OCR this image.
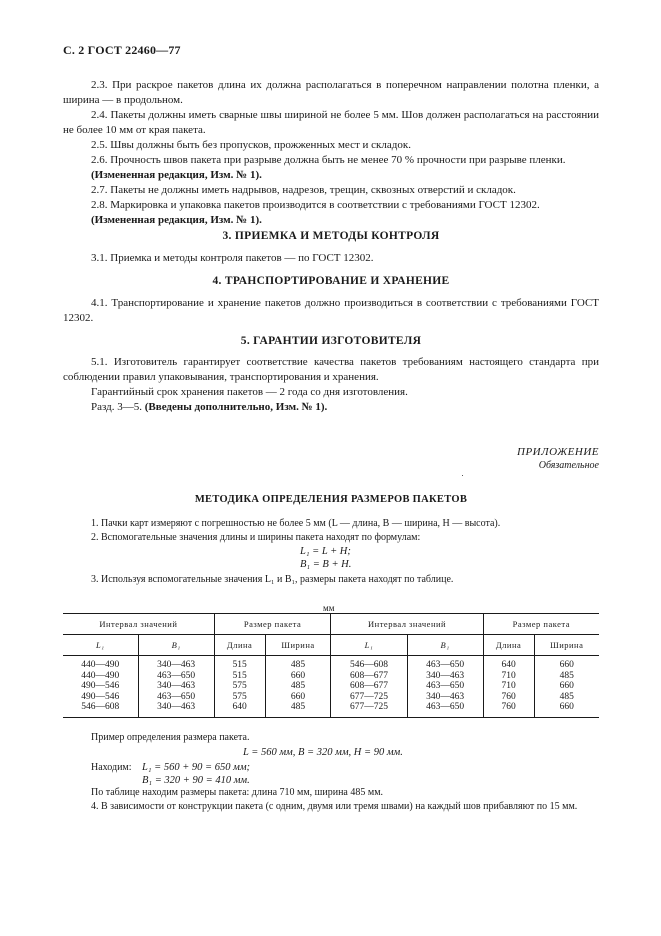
С. 2 ГОСТ 22460—77

2.3. При раскрое пакетов длина их должна располагаться в поперечном направлении полотна пленки, а ширина — в продольном.

2.4. Пакеты должны иметь сварные швы шириной не более 5 мм. Шов должен располагаться на расстоянии не более 10 мм от края пакета.

2.5. Швы должны быть без пропусков, прожженных мест и складок.

2.6. Прочность швов пакета при разрыве должна быть не менее 70 % прочности при разрыве пленки.

(Измененная редакция, Изм. № 1).

2.7. Пакеты не должны иметь надрывов, надрезов, трещин, сквозных отверстий и складок.

2.8. Маркировка и упаковка пакетов производится в соответствии с требованиями ГОСТ 12302.

(Измененная редакция, Изм. № 1).

3. ПРИЕМКА И МЕТОДЫ КОНТРОЛЯ

3.1. Приемка и методы контроля пакетов — по ГОСТ 12302.

4. ТРАНСПОРТИРОВАНИЕ И ХРАНЕНИЕ

4.1. Транспортирование и хранение пакетов должно производиться в соответствии с требованиями ГОСТ 12302.

5. ГАРАНТИИ ИЗГОТОВИТЕЛЯ

5.1. Изготовитель гарантирует соответствие качества пакетов требованиям настоящего стандарта при соблюдении правил упаковывания, транспортирования и хранения.

Гарантийный срок хранения пакетов — 2 года со дня изготовления.

Разд. 3—5. (Введены дополнительно, Изм. № 1).

ПРИЛОЖЕНИЕ
Обязательное
МЕТОДИКА ОПРЕДЕЛЕНИЯ РАЗМЕРОВ ПАКЕТОВ

1. Пачки карт измеряют с погрешностью не более 5 мм (L — длина, B — ширина, H — высота).

2. Вспомогательные значения длины и ширины пакета находят по формулам:

L₁ = L + H;
B₁ = B + H.

3. Используя вспомогательные значения L₁ и B₁, размеры пакета находят по таблице.

мм
Интервал значений		Размер пакета		Интервал значений		Размер пакета	
L₁	B₁	Длина	Ширина	L₁	B₁	Длина	Ширина
440—490	340—463	515	485	546—608	463—650	640	660
440—490	463—650	515	660	608—677	340—463	710	485
490—546	340—463	575	485	608—677	463—650	710	660
490—546	463—650	575	660	677—725	340—463	760	485
546—608	340—463	640	485	677—725	463—650	760	660

Пример определения размера пакета.

L = 560 мм, B = 320 мм, H = 90 мм.
Находим: L₁ = 560 + 90 = 650 мм;
B₁ = 320 + 90 = 410 мм.

По таблице находим размеры пакета: длина 710 мм, ширина 485 мм.

4. В зависимости от конструкции пакета (с одним, двумя или тремя швами) на каждый шов прибавляют по 15 мм.
